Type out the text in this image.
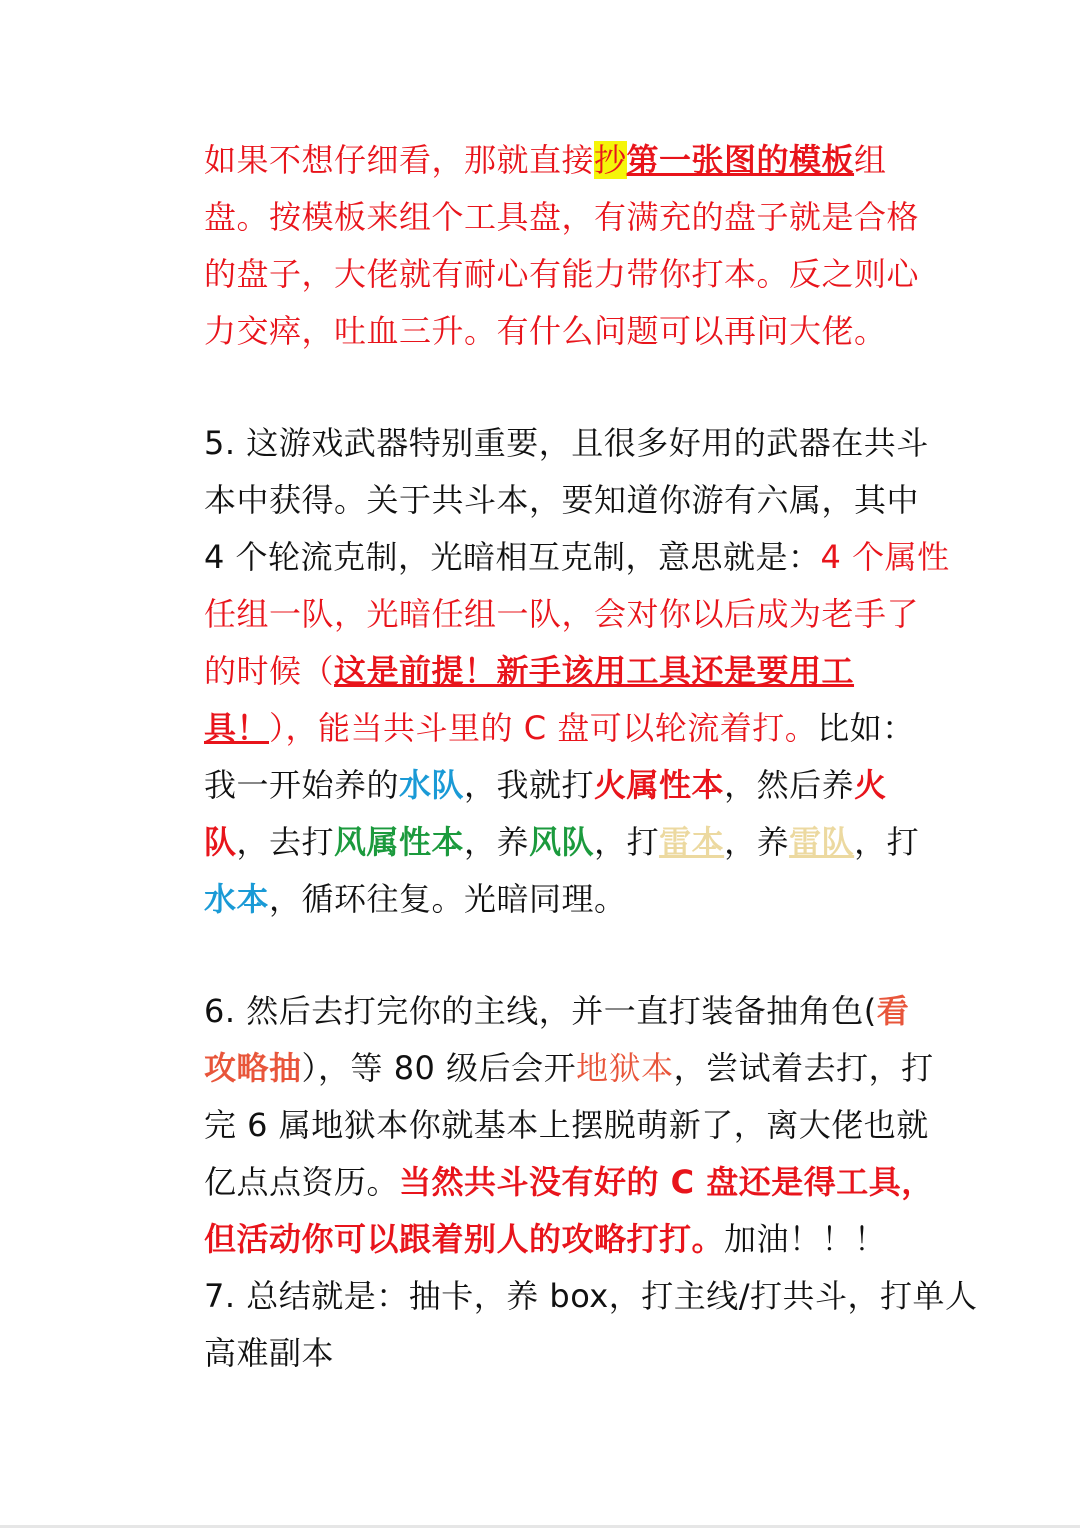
如果不想仔细看，那就直接抄第一张图的模板组
盘。按模板来组个工具盘，有满充的盘子就是合格
的盘子，大佬就有耐心有能力带你打本。反之则心
力交瘁，吐血三升。有什么问题可以再问大佬。
5. 这游戏武器特别重要，且很多好用的武器在共斗
本中获得。关于共斗本，要知道你游有六属，其中
4 个轮流克制，光暗相互克制，意思就是：4 个属性
任组一队，光暗任组一队，会对你以后成为老手了
的时候（这是前提！新手该用工具还是要用工
具！），能当共斗里的 C 盘可以轮流着打。比如：
我一开始养的水队，我就打火属性本，然后养火
队，去打风属性本，养风队，打雷本，养雷队，打
水本，循环往复。光暗同理。
6. 然后去打完你的主线，并一直打装备抽角色(看
攻略抽），等 80 级后会开地狱本，尝试着去打，打
完 6 属地狱本你就基本上摆脱萌新了，离大佬也就
亿点点资历。当然共斗没有好的 C 盘还是得工具，
但活动你可以跟着别人的攻略打打。加油！！！
7. 总结就是：抽卡，养 box，打主线/打共斗，打单人
高难副本
